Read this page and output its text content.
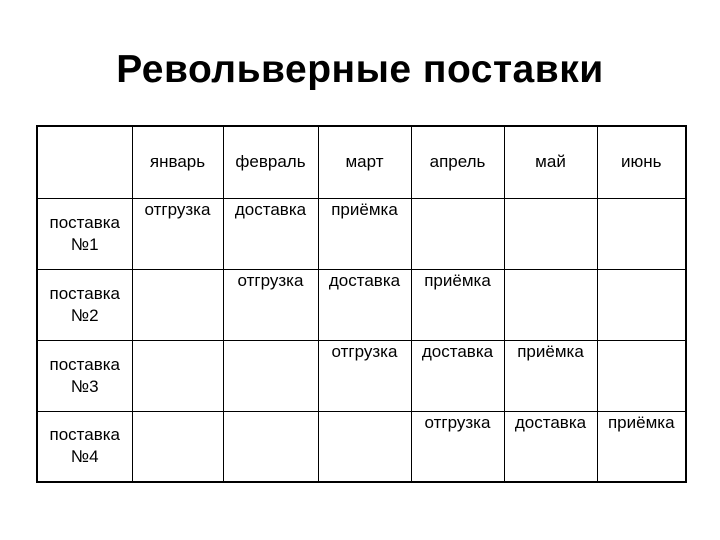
Револьверные поставки
	январь	февраль	март	апрель	май	июнь
поставка
№1	отгрузка	доставка	приёмка			
поставка
№2		отгрузка	доставка	приёмка		
поставка
№3			отгрузка	доставка	приёмка	
поставка
№4				отгрузка	доставка	приёмка
